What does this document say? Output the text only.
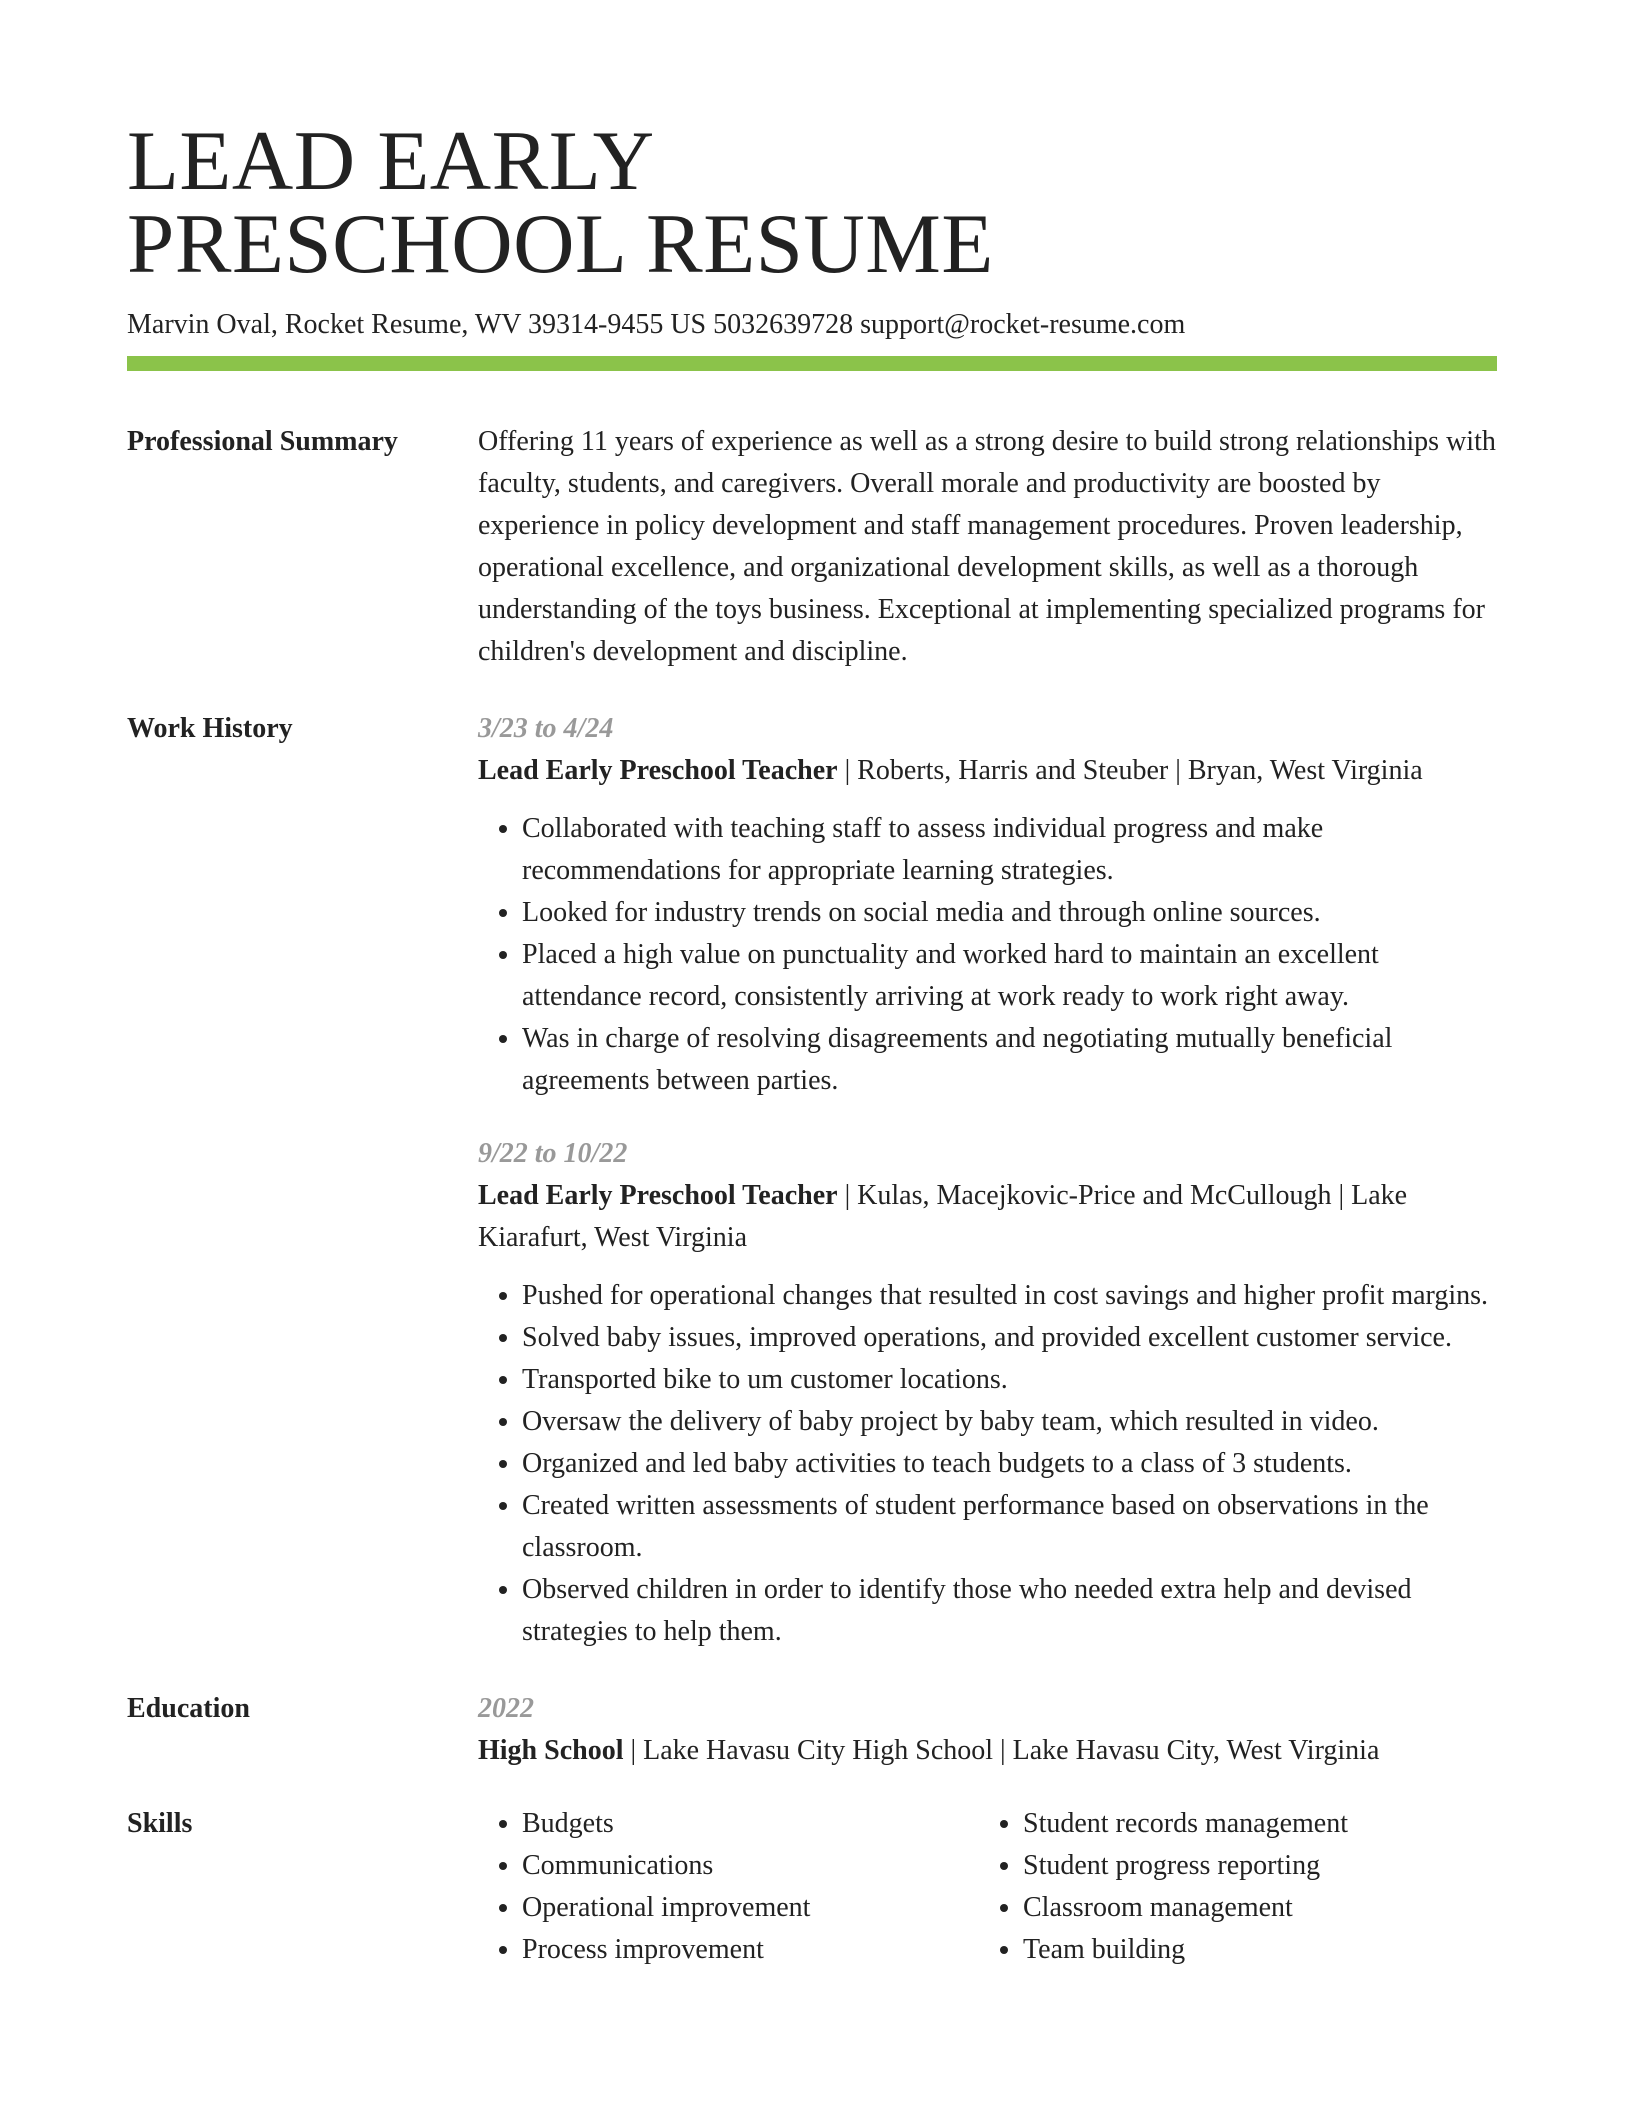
LEAD EARLY
PRESCHOOL RESUME
Marvin Oval, Rocket Resume, WV 39314-9455 US 5032639728 support@rocket-resume.com
Professional Summary	Offering 11 years of experience as well as a strong desire to build strong relationships with faculty, students, and caregivers. Overall morale and productivity are boosted by experience in policy development and staff management procedures. Proven leadership, operational excellence, and organizational development skills, as well as a thorough understanding of the toys business. Exceptional at implementing specialized programs for children's development and discipline.
Work History	3/23 to 4/24
Lead Early Preschool Teacher | Roberts, Harris and Steuber | Bryan, West Virginia
• Collaborated with teaching staff to assess individual progress and make recommendations for appropriate learning strategies.
• Looked for industry trends on social media and through online sources.
• Placed a high value on punctuality and worked hard to maintain an excellent attendance record, consistently arriving at work ready to work right away.
• Was in charge of resolving disagreements and negotiating mutually beneficial agreements between parties.
9/22 to 10/22
Lead Early Preschool Teacher | Kulas, Macejkovic-Price and McCullough | Lake Kiarafurt, West Virginia
• Pushed for operational changes that resulted in cost savings and higher profit margins.
• Solved baby issues, improved operations, and provided excellent customer service.
• Transported bike to um customer locations.
• Oversaw the delivery of baby project by baby team, which resulted in video.
• Organized and led baby activities to teach budgets to a class of 3 students.
• Created written assessments of student performance based on observations in the classroom.
• Observed children in order to identify those who needed extra help and devised strategies to help them.
Education	2022
High School | Lake Havasu City High School | Lake Havasu City, West Virginia
Skills
•	Budgets
• Communications
• Operational improvement
• Process improvement
• Student records management
• Student progress reporting
• Classroom management
• Team building
